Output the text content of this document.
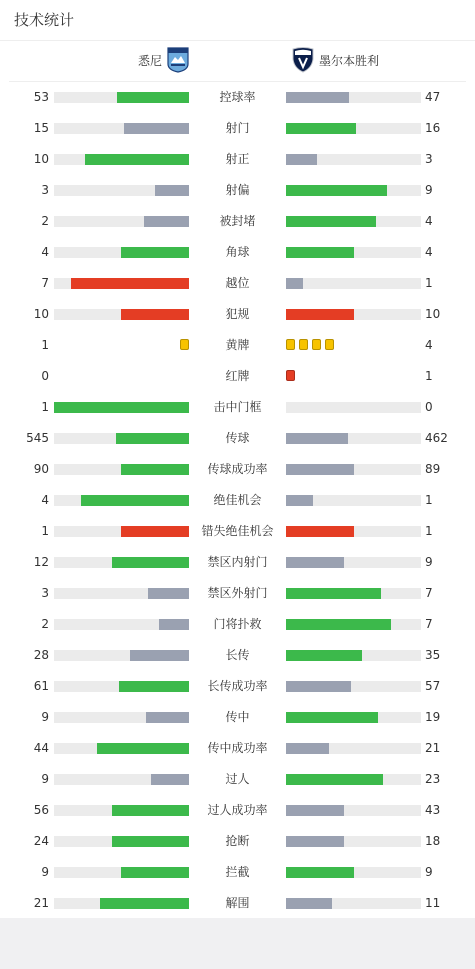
技术统计
悉尼	墨尔本胜利
53	控球率	47
15	射门	16
10	射正	3
3	射偏	9
2	被封堵	4
4	角球	4
7	越位	1
10	犯规	10
1	黄牌	4
0	红牌	1
1	击中门框	0
545	传球	462
90	传球成功率	89
4	绝佳机会	1
1	错失绝佳机会	1
12	禁区内射门	9
3	禁区外射门	7
2	门将扑救	7
28	长传	35
61	长传成功率	57
9	传中	19
44	传中成功率	21
9	过人	23
56	过人成功率	43
24	抢断	18
9	拦截	9
21	解围	11
